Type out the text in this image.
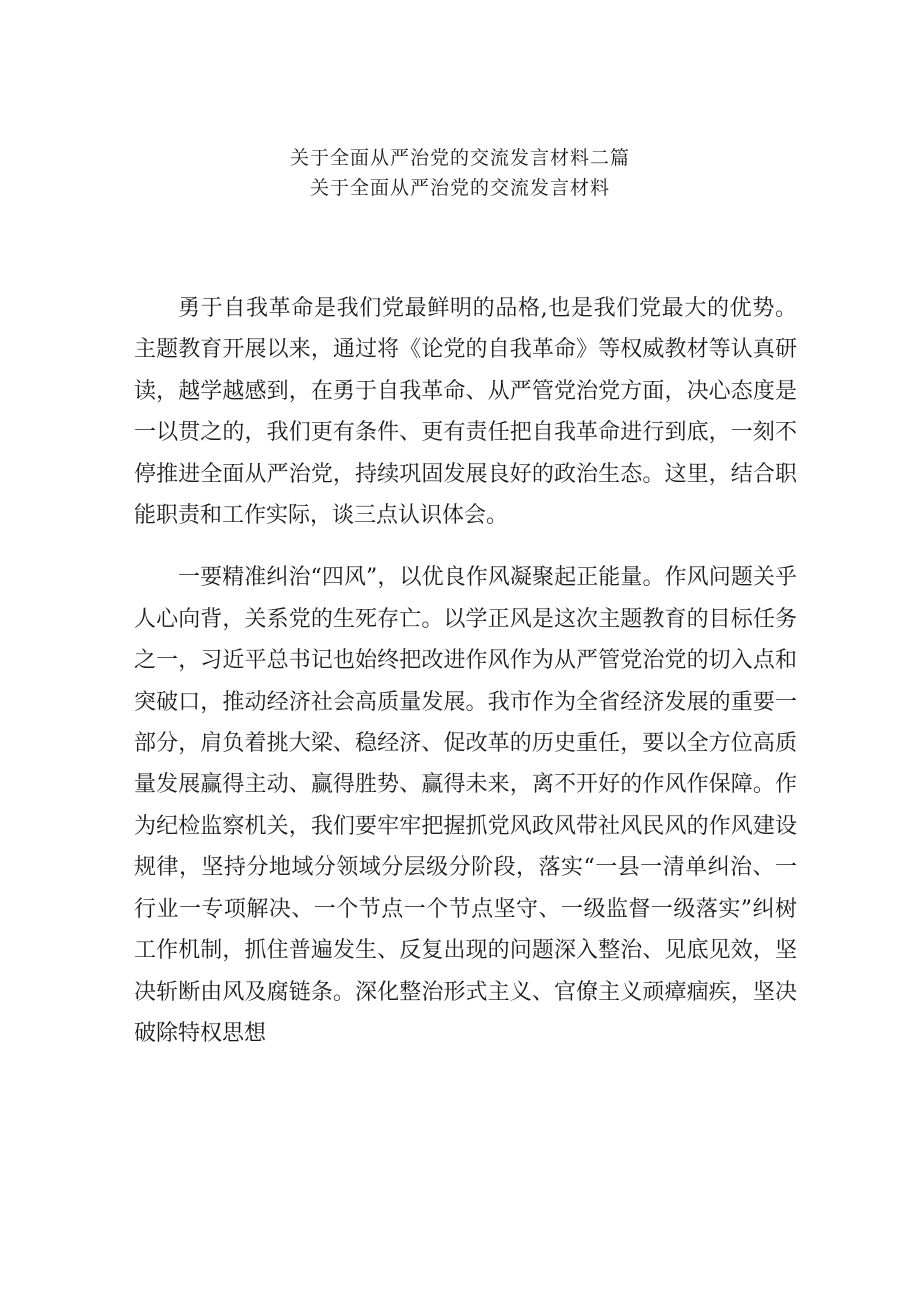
关于全面从严治党的交流发言材料二篇
关于全面从严治党的交流发言材料

勇于自我革命是我们党最鲜明的品格,也是我们党最大的优势。主题教育开展以来，通过将《论党的自我革命》等权威教材等认真研读，越学越感到，在勇于自我革命、从严管党治党方面，决心态度是一以贯之的，我们更有条件、更有责任把自我革命进行到底，一刻不停推进全面从严治党，持续巩固发展良好的政治生态。这里，结合职能职责和工作实际，谈三点认识体会。

一要精准纠治“四风”，以优良作风凝聚起正能量。作风问题关乎人心向背，关系党的生死存亡。以学正风是这次主题教育的目标任务之一，习近平总书记也始终把改进作风作为从严管党治党的切入点和突破口，推动经济社会高质量发展。我市作为全省经济发展的重要一部分，肩负着挑大梁、稳经济、促改革的历史重任，要以全方位高质量发展赢得主动、赢得胜势、赢得未来，离不开好的作风作保障。作为纪检监察机关，我们要牢牢把握抓党风政风带社风民风的作风建设规律，坚持分地域分领域分层级分阶段，落实“一县一清单纠治、一行业一专项解决、一个节点一个节点坚守、一级监督一级落实”纠树工作机制，抓住普遍发生、反复出现的问题深入整治、见底见效，坚决斩断由风及腐链条。深化整治形式主义、官僚主义顽瘴痼疾，坚决破除特权思想
